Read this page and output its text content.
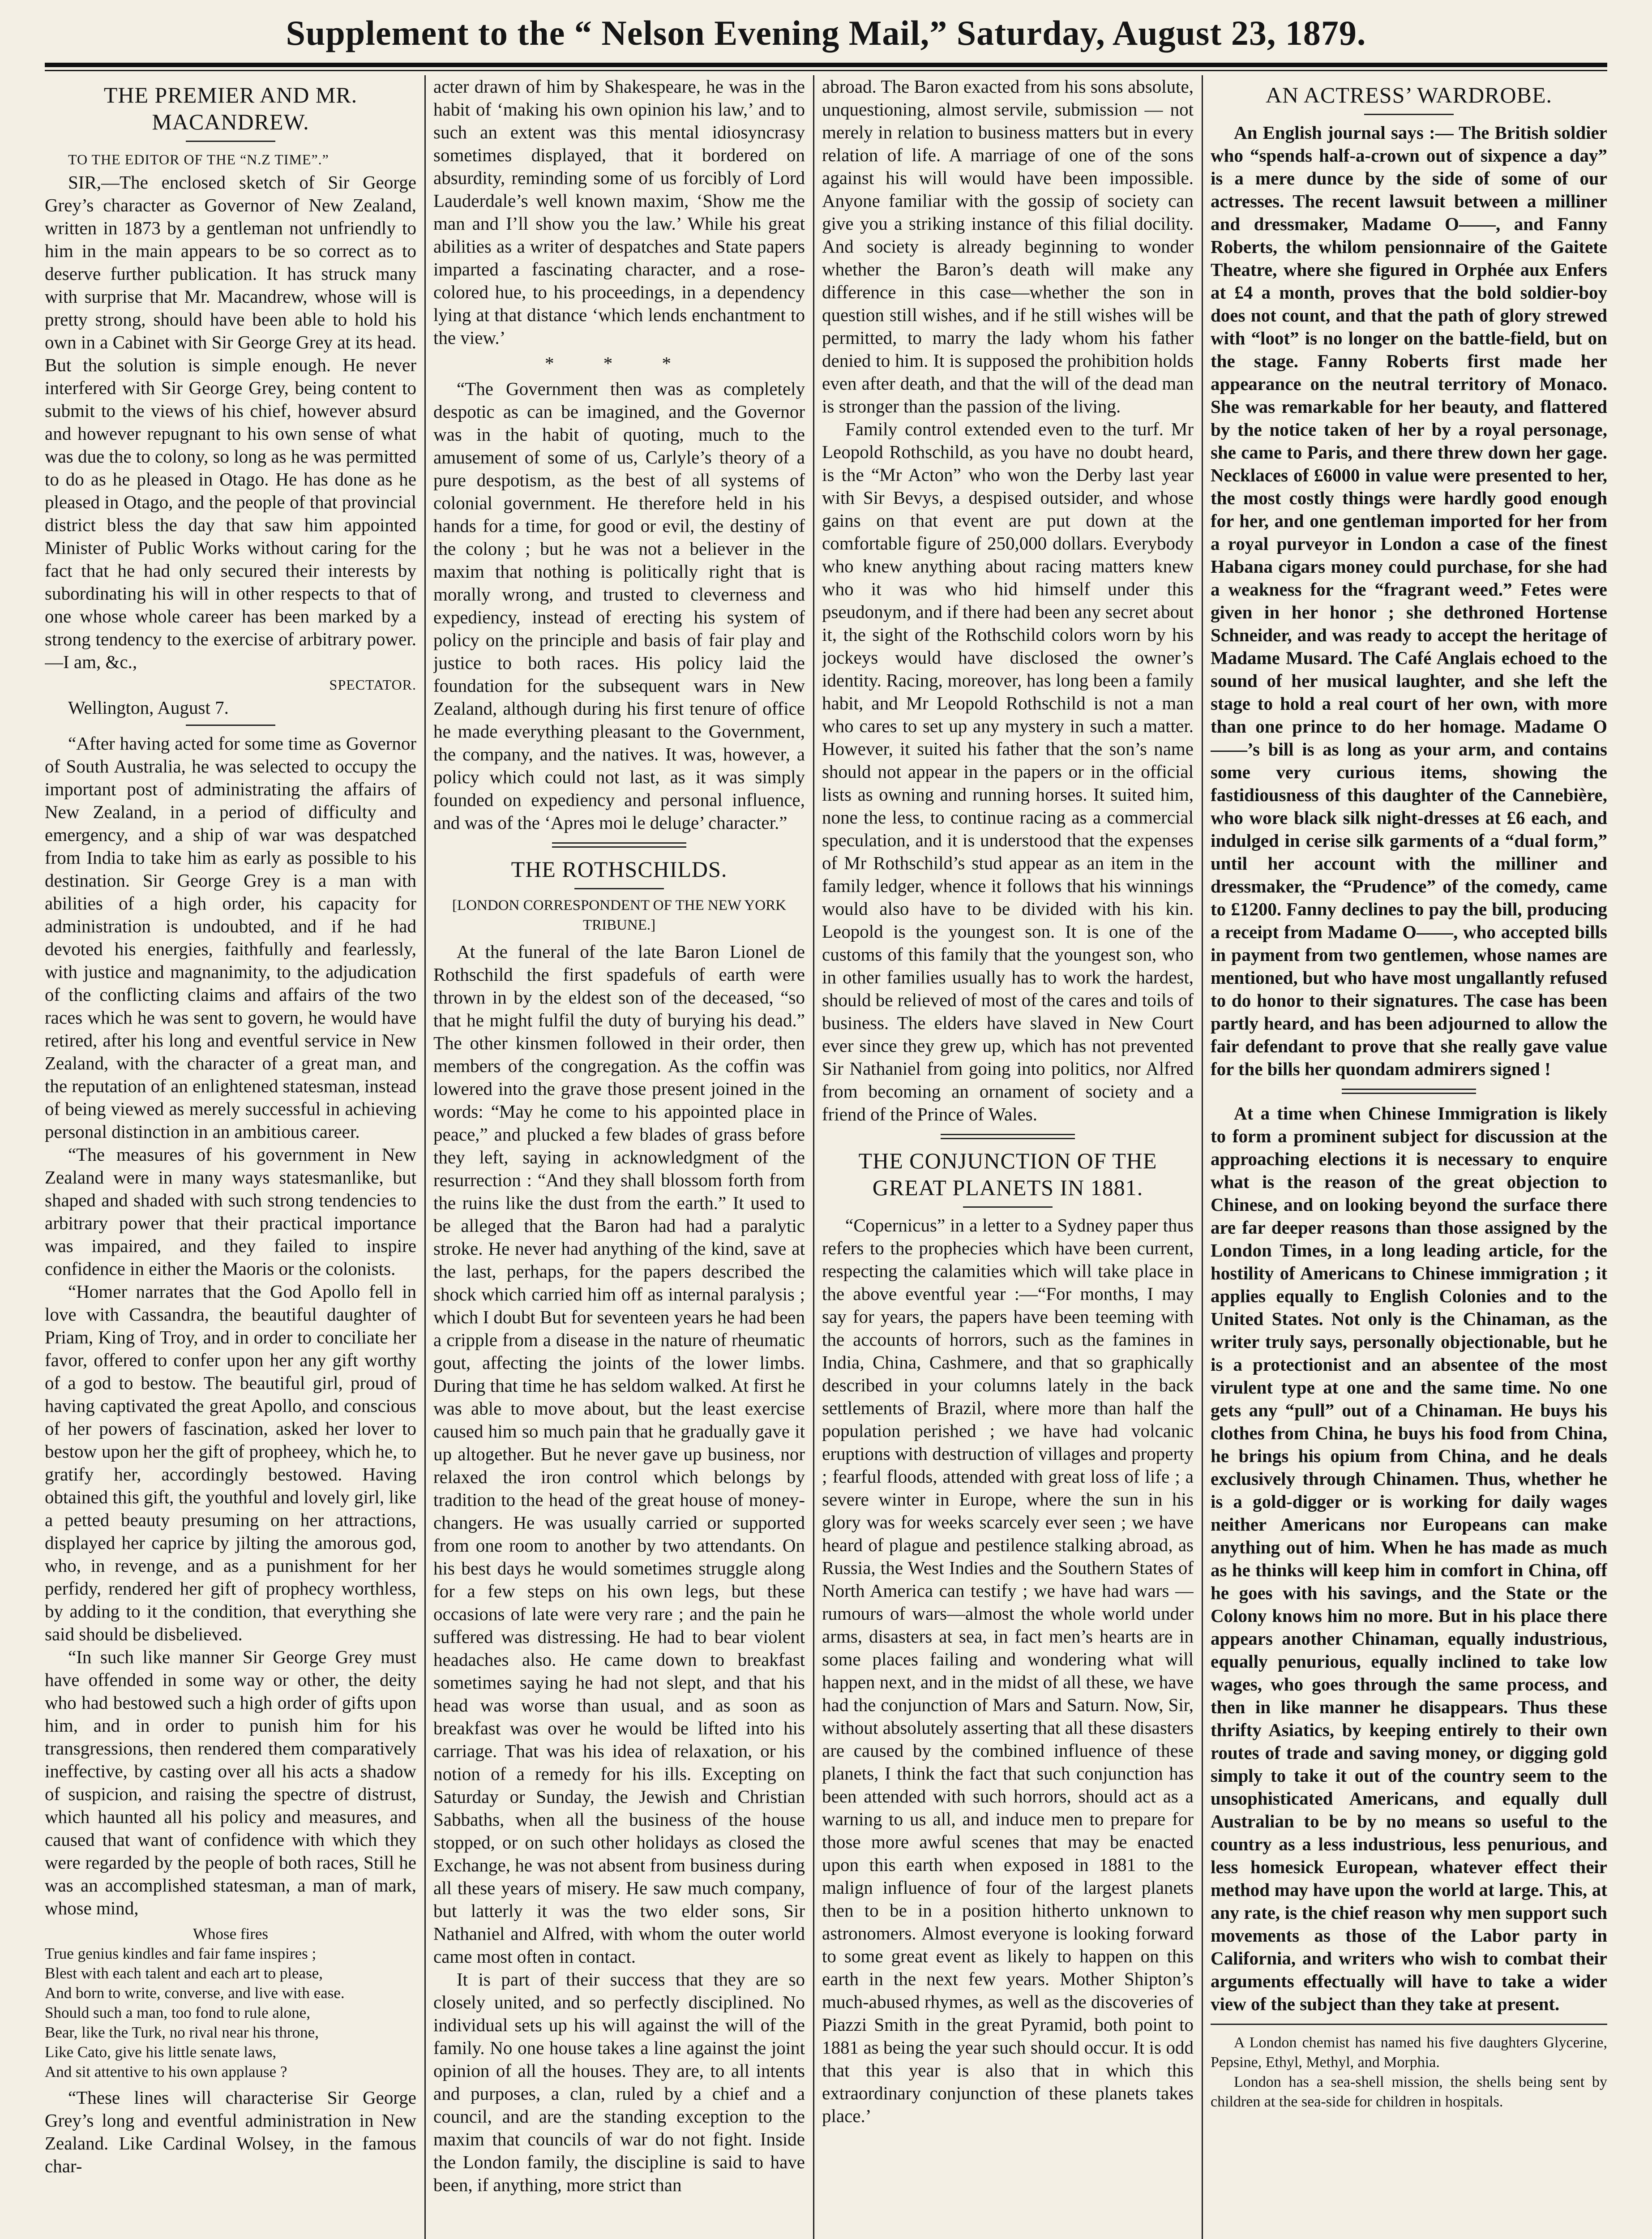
Supplement to the “ Nelson Evening Mail,” Saturday, August 23, 1879.
THE PREMIER AND MR. MACANDREW.

TO THE EDITOR OF THE “N.Z TIME”.”

SIR,—The enclosed sketch of Sir George Grey’s character as Governor of New Zealand, written in 1873 by a gentleman not unfriendly to him in the main appears to be so correct as to deserve further publication. It has struck many with surprise that Mr. Macandrew, whose will is pretty strong, should have been able to hold his own in a Cabinet with Sir George Grey at its head. But the solution is simple enough. He never interfered with Sir George Grey, being content to submit to the views of his chief, however absurd and however repugnant to his own sense of what was due the to colony, so long as he was permitted to do as he pleased in Otago. He has done as he pleased in Otago, and the people of that provincial district bless the day that saw him appointed Minister of Public Works without caring for the fact that he had only secured their interests by subordinating his will in other respects to that of one whose whole career has been marked by a strong tendency to the exercise of arbitrary power.—I am, &c.,

SPECTATOR.

Wellington, August 7.

“After having acted for some time as Governor of South Australia, he was selected to occupy the important post of administrating the affairs of New Zealand, in a period of difficulty and emergency, and a ship of war was despatched from India to take him as early as possible to his destination. Sir George Grey is a man with abilities of a high order, his capacity for administration is undoubted, and if he had devoted his energies, faithfully and fearlessly, with justice and magnanimity, to the adjudication of the conflicting claims and affairs of the two races which he was sent to govern, he would have retired, after his long and eventful service in New Zealand, with the character of a great man, and the reputation of an enlightened statesman, instead of being viewed as merely successful in achieving personal distinction in an ambitious career.

“The measures of his government in New Zealand were in many ways statesmanlike, but shaped and shaded with such strong tendencies to arbitrary power that their practical importance was impaired, and they failed to inspire confidence in either the Maoris or the colonists.

“Homer narrates that the God Apollo fell in love with Cassandra, the beautiful daughter of Priam, King of Troy, and in order to conciliate her favor, offered to confer upon her any gift worthy of a god to bestow. The beautiful girl, proud of having captivated the great Apollo, and conscious of her powers of fascination, asked her lover to bestow upon her the gift of propheey, which he, to gratify her, accordingly bestowed. Having obtained this gift, the youthful and lovely girl, like a petted beauty presuming on her attractions, displayed her caprice by jilting the amorous god, who, in revenge, and as a punishment for her perfidy, rendered her gift of prophecy worthless, by adding to it the condition, that everything she said should be disbelieved.

“In such like manner Sir George Grey must have offended in some way or other, the deity who had bestowed such a high order of gifts upon him, and in order to punish him for his transgressions, then rendered them comparatively ineffective, by casting over all his acts a shadow of suspicion, and raising the spectre of distrust, which haunted all his policy and measures, and caused that want of confidence with which they were regarded by the people of both races, Still he was an accomplished statesman, a man of mark, whose mind,

Whose fires
True genius kindles and fair fame inspires ;
Blest with each talent and each art to please,
And born to write, converse, and live with ease.
Should such a man, too fond to rule alone,
Bear, like the Turk, no rival near his throne,
Like Cato, give his little senate laws,
And sit attentive to his own applause ?

“These lines will characterise Sir George Grey’s long and eventful administration in New Zealand. Like Cardinal Wolsey, in the famous char-

acter drawn of him by Shakespeare, he was in the habit of ‘making his own opinion his law,’ and to such an extent was this mental idiosyncrasy sometimes displayed, that it bordered on absurdity, reminding some of us forcibly of Lord Lauderdale’s well known maxim, ‘Show me the man and I’ll show you the law.’ While his great abilities as a writer of despatches and State papers imparted a fascinating character, and a rose-colored hue, to his proceedings, in a dependency lying at that distance ‘which lends enchantment to the view.’

* * *

“The Government then was as completely despotic as can be imagined, and the Governor was in the habit of quoting, much to the amusement of some of us, Carlyle’s theory of a pure despotism, as the best of all systems of colonial government. He therefore held in his hands for a time, for good or evil, the destiny of the colony ; but he was not a believer in the maxim that nothing is politically right that is morally wrong, and trusted to cleverness and expediency, instead of erecting his system of policy on the principle and basis of fair play and justice to both races. His policy laid the foundation for the subsequent wars in New Zealand, although during his first tenure of office he made everything pleasant to the Government, the company, and the natives. It was, however, a policy which could not last, as it was simply founded on expediency and personal influence, and was of the ‘Apres moi le deluge’ character.”

THE ROTHSCHILDS.

[LONDON CORRESPONDENT OF THE NEW YORK TRIBUNE.]

At the funeral of the late Baron Lionel de Rothschild the first spadefuls of earth were thrown in by the eldest son of the deceased, “so that he might fulfil the duty of burying his dead.” The other kinsmen followed in their order, then members of the congregation. As the coffin was lowered into the grave those present joined in the words: “May he come to his appointed place in peace,” and plucked a few blades of grass before they left, saying in acknowledgment of the resurrection : “And they shall blossom forth from the ruins like the dust from the earth.” It used to be alleged that the Baron had had a paralytic stroke. He never had anything of the kind, save at the last, perhaps, for the papers described the shock which carried him off as internal paralysis ; which I doubt But for seventeen years he had been a cripple from a disease in the nature of rheumatic gout, affecting the joints of the lower limbs. During that time he has seldom walked. At first he was able to move about, but the least exercise caused him so much pain that he gradually gave it up altogether. But he never gave up business, nor relaxed the iron control which belongs by tradition to the head of the great house of money-changers. He was usually carried or supported from one room to another by two attendants. On his best days he would sometimes struggle along for a few steps on his own legs, but these occasions of late were very rare ; and the pain he suffered was distressing. He had to bear violent headaches also. He came down to breakfast sometimes saying he had not slept, and that his head was worse than usual, and as soon as breakfast was over he would be lifted into his carriage. That was his idea of relaxation, or his notion of a remedy for his ills. Excepting on Saturday or Sunday, the Jewish and Christian Sabbaths, when all the business of the house stopped, or on such other holidays as closed the Exchange, he was not absent from business during all these years of misery. He saw much company, but latterly it was the two elder sons, Sir Nathaniel and Alfred, with whom the outer world came most often in contact.

It is part of their success that they are so closely united, and so perfectly disciplined. No individual sets up his will against the will of the family. No one house takes a line against the joint opinion of all the houses. They are, to all intents and purposes, a clan, ruled by a chief and a council, and are the standing exception to the maxim that councils of war do not fight. Inside the London family, the discipline is said to have been, if anything, more strict than

abroad. The Baron exacted from his sons absolute, unquestioning, almost servile, submission — not merely in relation to business matters but in every relation of life. A marriage of one of the sons against his will would have been impossible. Anyone familiar with the gossip of society can give you a striking instance of this filial docility. And society is already beginning to wonder whether the Baron’s death will make any difference in this case—whether the son in question still wishes, and if he still wishes will be permitted, to marry the lady whom his father denied to him. It is supposed the prohibition holds even after death, and that the will of the dead man is stronger than the passion of the living.

Family control extended even to the turf. Mr Leopold Rothschild, as you have no doubt heard, is the “Mr Acton” who won the Derby last year with Sir Bevys, a despised outsider, and whose gains on that event are put down at the comfortable figure of 250,000 dollars. Everybody who knew anything about racing matters knew who it was who hid himself under this pseudonym, and if there had been any secret about it, the sight of the Rothschild colors worn by his jockeys would have disclosed the owner’s identity. Racing, moreover, has long been a family habit, and Mr Leopold Rothschild is not a man who cares to set up any mystery in such a matter. However, it suited his father that the son’s name should not appear in the papers or in the official lists as owning and running horses. It suited him, none the less, to continue racing as a commercial speculation, and it is understood that the expenses of Mr Rothschild’s stud appear as an item in the family ledger, whence it follows that his winnings would also have to be divided with his kin. Leopold is the youngest son. It is one of the customs of this family that the youngest son, who in other families usually has to work the hardest, should be relieved of most of the cares and toils of business. The elders have slaved in New Court ever since they grew up, which has not prevented Sir Nathaniel from going into politics, nor Alfred from becoming an ornament of society and a friend of the Prince of Wales.

THE CONJUNCTION OF THE GREAT PLANETS IN 1881.

“Copernicus” in a letter to a Sydney paper thus refers to the prophecies which have been current, respecting the calamities which will take place in the above eventful year :—“For months, I may say for years, the papers have been teeming with the accounts of horrors, such as the famines in India, China, Cashmere, and that so graphically described in your columns lately in the back settlements of Brazil, where more than half the population perished ; we have had volcanic eruptions with destruction of villages and property ; fearful floods, attended with great loss of life ; a severe winter in Europe, where the sun in his glory was for weeks scarcely ever seen ; we have heard of plague and pestilence stalking abroad, as Russia, the West Indies and the Southern States of North America can testify ; we have had wars —rumours of wars—almost the whole world under arms, disasters at sea, in fact men’s hearts are in some places failing and wondering what will happen next, and in the midst of all these, we have had the conjunction of Mars and Saturn. Now, Sir, without absolutely asserting that all these disasters are caused by the combined influence of these planets, I think the fact that such conjunction has been attended with such horrors, should act as a warning to us all, and induce men to prepare for those more awful scenes that may be enacted upon this earth when exposed in 1881 to the malign influence of four of the largest planets then to be in a position hitherto unknown to astronomers. Almost everyone is looking forward to some great event as likely to happen on this earth in the next few years. Mother Shipton’s much-abused rhymes, as well as the discoveries of Piazzi Smith in the great Pyramid, both point to 1881 as being the year such should occur. It is odd that this year is also that in which this extraordinary conjunction of these planets takes place.’

AN ACTRESS’ WARDROBE.

An English journal says :— The British soldier who “spends half-a-crown out of sixpence a day” is a mere dunce by the side of some of our actresses. The recent lawsuit between a milliner and dressmaker, Madame O——, and Fanny Roberts, the whilom pensionnaire of the Gaitete Theatre, where she figured in Orphée aux Enfers at £4 a month, proves that the bold soldier-boy does not count, and that the path of glory strewed with “loot” is no longer on the battle-field, but on the stage. Fanny Roberts first made her appearance on the neutral territory of Monaco. She was remarkable for her beauty, and flattered by the notice taken of her by a royal personage, she came to Paris, and there threw down her gage. Necklaces of £6000 in value were presented to her, the most costly things were hardly good enough for her, and one gentleman imported for her from a royal purveyor in London a case of the finest Habana cigars money could purchase, for she had a weakness for the “fragrant weed.” Fetes were given in her honor ; she dethroned Hortense Schneider, and was ready to accept the heritage of Madame Musard. The Café Anglais echoed to the sound of her musical laughter, and she left the stage to hold a real court of her own, with more than one prince to do her homage. Madame O——’s bill is as long as your arm, and contains some very curious items, showing the fastidiousness of this daughter of the Cannebière, who wore black silk night-dresses at £6 each, and indulged in cerise silk garments of a “dual form,” until her account with the milliner and dressmaker, the “Prudence” of the comedy, came to £1200. Fanny declines to pay the bill, producing a receipt from Madame O——, who accepted bills in payment from two gentlemen, whose names are mentioned, but who have most ungallantly refused to do honor to their signatures. The case has been partly heard, and has been adjourned to allow the fair defendant to prove that she really gave value for the bills her quondam admirers signed !

At a time when Chinese Immigration is likely to form a prominent subject for discussion at the approaching elections it is necessary to enquire what is the reason of the great objection to Chinese, and on looking beyond the surface there are far deeper reasons than those assigned by the London Times, in a long leading article, for the hostility of Americans to Chinese immigration ; it applies equally to English Colonies and to the United States. Not only is the Chinaman, as the writer truly says, personally objectionable, but he is a protectionist and an absentee of the most virulent type at one and the same time. No one gets any “pull” out of a Chinaman. He buys his clothes from China, he buys his food from China, he brings his opium from China, and he deals exclusively through Chinamen. Thus, whether he is a gold-digger or is working for daily wages neither Americans nor Europeans can make anything out of him. When he has made as much as he thinks will keep him in comfort in China, off he goes with his savings, and the State or the Colony knows him no more. But in his place there appears another Chinaman, equally industrious, equally penurious, equally inclined to take low wages, who goes through the same process, and then in like manner he disappears. Thus these thrifty Asiatics, by keeping entirely to their own routes of trade and saving money, or digging gold simply to take it out of the country seem to the unsophisticated Americans, and equally dull Australian to be by no means so useful to the country as a less industrious, less penurious, and less homesick European, whatever effect their method may have upon the world at large. This, at any rate, is the chief reason why men support such movements as those of the Labor party in California, and writers who wish to combat their arguments effectually will have to take a wider view of the subject than they take at present.

A London chemist has named his five daughters Glycerine, Pepsine, Ethyl, Methyl, and Morphia.

London has a sea-shell mission, the shells being sent by children at the sea-side for children in hospitals.
